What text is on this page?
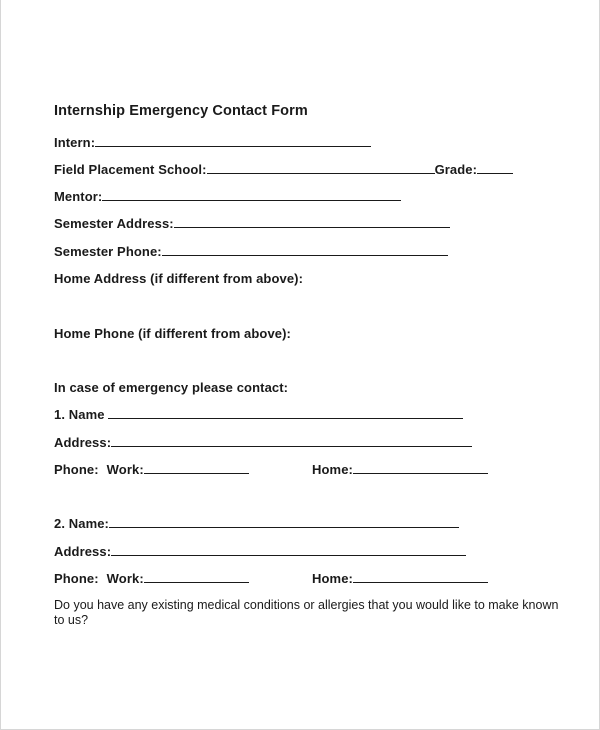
Internship Emergency Contact Form
Intern:
Field Placement School:	Grade:
Mentor:
Semester Address:
Semester Phone:
Home Address (if different from above):
Home Phone (if different from above):
In case of emergency please contact:
1. Name
Address:
Phone: Work:	Home:
2. Name:
Address:
Phone: Work:	Home:
Do you have any existing medical conditions or allergies that you would like to make known to us?
